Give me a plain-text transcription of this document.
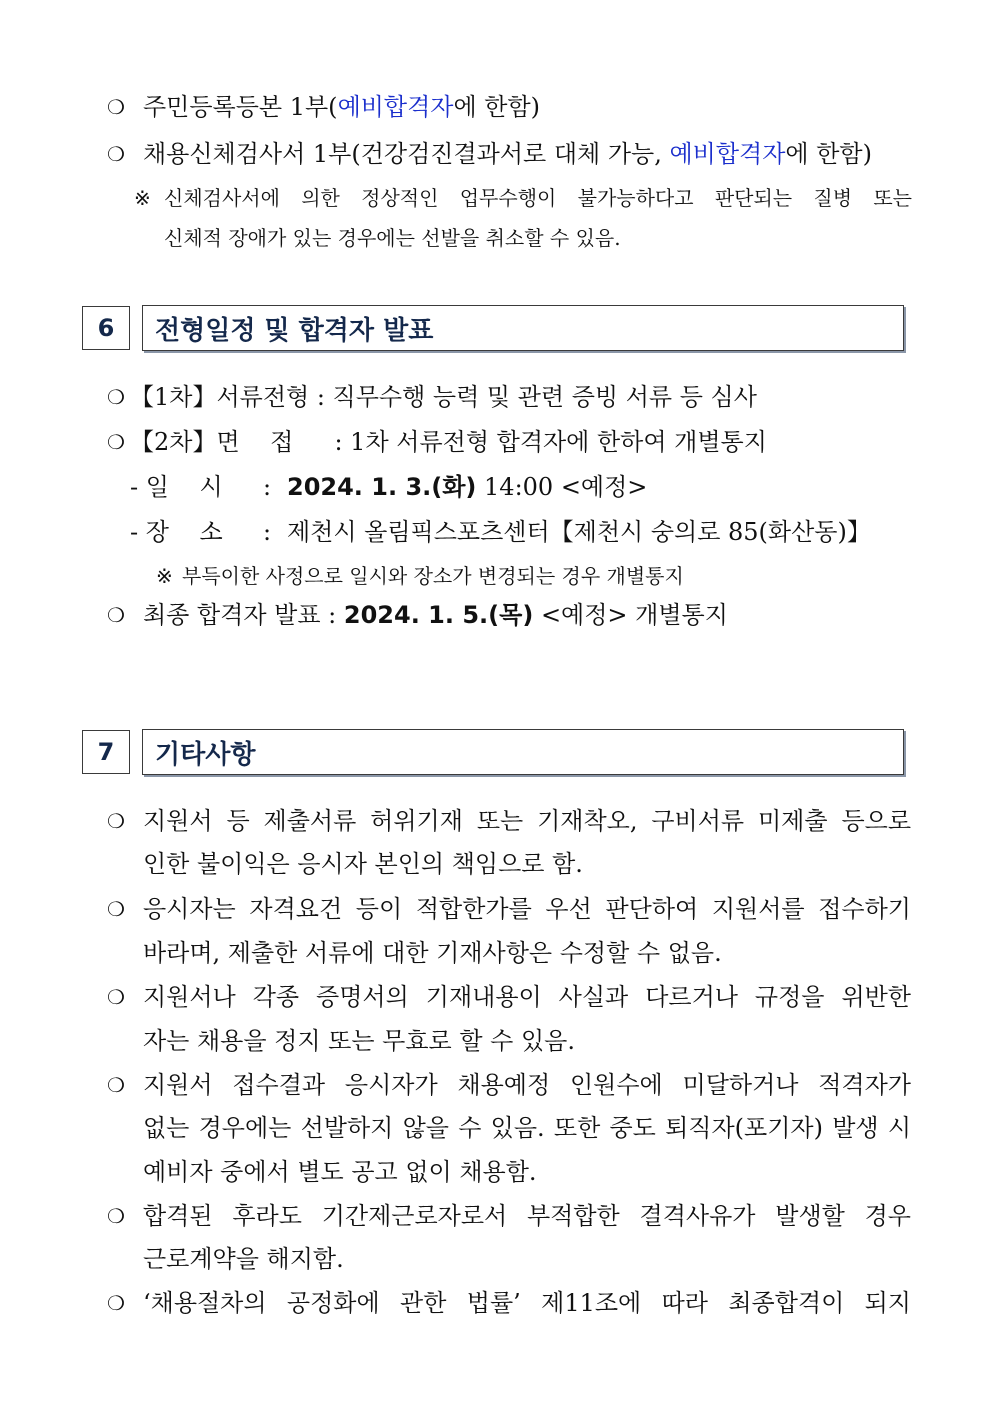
❍ 주민등록등본 1부(예비합격자에 한함)
❍ 채용신체검사서 1부(건강검진결과서로 대체 가능, 예비합격자에 한함)
※ 신체검사서에 의한 정상적인 업무수행이 불가능하다고 판단되는 질병 또는
신체적 장애가 있는 경우에는 선발을 취소할 수 있음.
6	전형일정 및 합격자 발표
❍ 【1차】서류전형 : 직무수행 능력 및 관련 증빙 서류 등 심사
❍ 【2차】면    접 : 1차 서류전형 합격자에 한하여 개별통지
- 일    시 : 2024. 1. 3.(화) 14:00 <예정>
- 장    소 : 제천시 올림픽스포츠센터【제천시 숭의로 85(화산동)】
※ 부득이한 사정으로 일시와 장소가 변경되는 경우 개별통지
❍ 최종 합격자 발표 : 2024. 1. 5.(목) <예정> 개별통지
7	기타사항
❍ 지원서 등 제출서류 허위기재 또는 기재착오, 구비서류 미제출 등으로
인한 불이익은 응시자 본인의 책임으로 함.
❍ 응시자는 자격요건 등이 적합한가를 우선 판단하여 지원서를 접수하기
바라며, 제출한 서류에 대한 기재사항은 수정할 수 없음.
❍ 지원서나 각종 증명서의 기재내용이 사실과 다르거나 규정을 위반한
자는 채용을 정지 또는 무효로 할 수 있음.
❍ 지원서 접수결과 응시자가 채용예정 인원수에 미달하거나 적격자가
없는 경우에는 선발하지 않을 수 있음. 또한 중도 퇴직자(포기자) 발생 시
예비자 중에서 별도 공고 없이 채용함.
❍ 합격된 후라도 기간제근로자로서 부적합한 결격사유가 발생할 경우
근로계약을 해지함.
❍ ‘채용절차의 공정화에 관한 법률’ 제11조에 따라 최종합격이 되지
